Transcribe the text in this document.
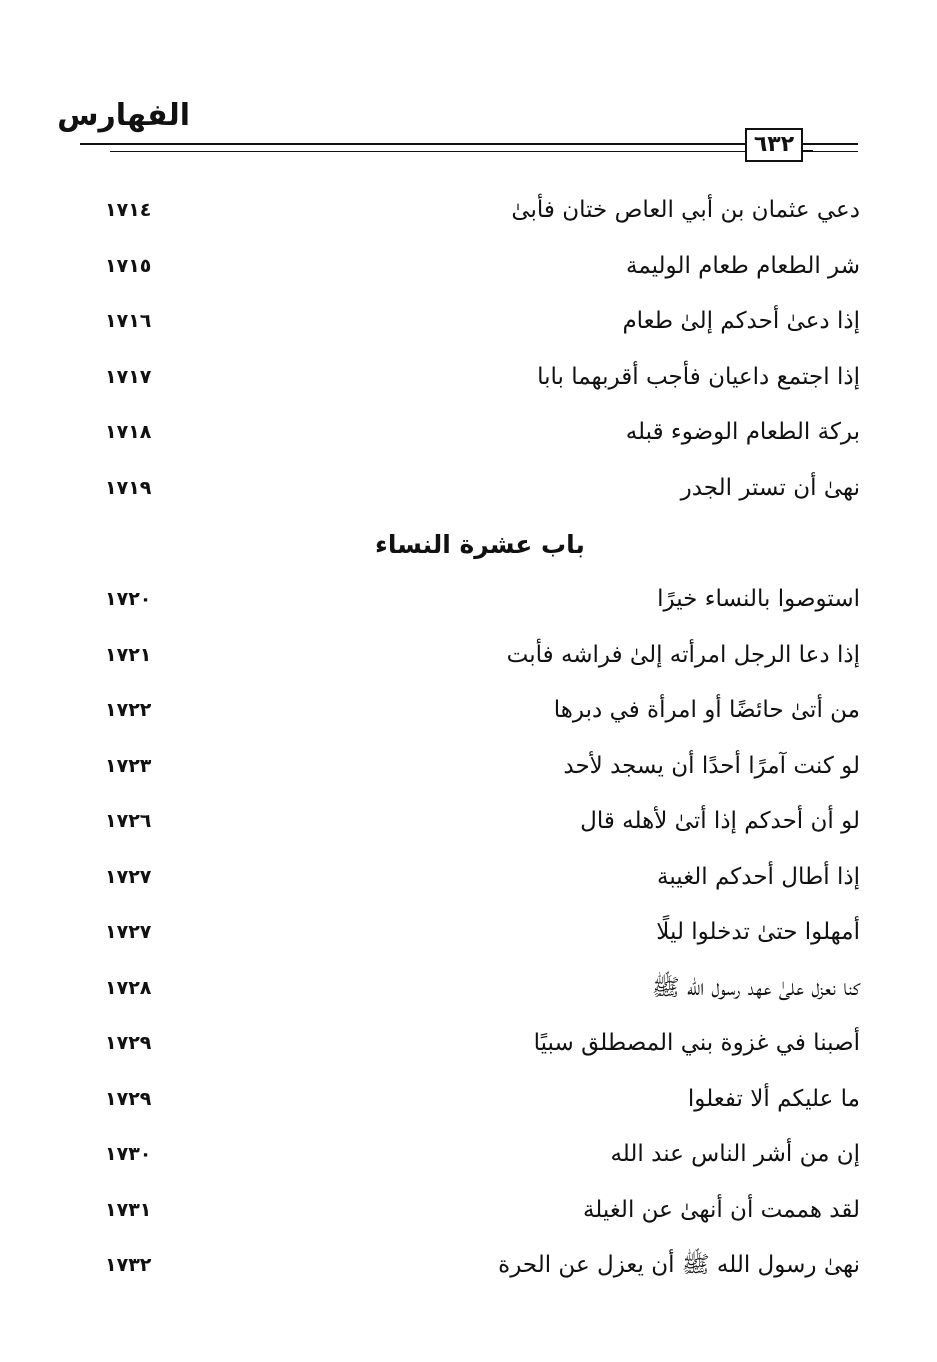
الفهارس
٦٣٢
دعي عثمان بن أبي العاص ختان فأبىٰ
١٧١٤
شر الطعام طعام الوليمة
١٧١٥
إذا دعىٰ أحدكم إلىٰ طعام
١٧١٦
إذا اجتمع داعيان فأجب أقربهما بابا
١٧١٧
بركة الطعام الوضوء قبله
١٧١٨
نهىٰ أن تستر الجدر
١٧١٩
باب عشرة النساء
استوصوا بالنساء خيرًا
١٧٢٠
إذا دعا الرجل امرأته إلىٰ فراشه فأبت
١٧٢١
من أتىٰ حائضًا أو امرأة في دبرها
١٧٢٢
لو كنت آمرًا أحدًا أن يسجد لأحد
١٧٢٣
لو أن أحدكم إذا أتىٰ لأهله قال
١٧٢٦
إذا أطال أحدكم الغيبة
١٧٢٧
أمهلوا حتىٰ تدخلوا ليلًا
١٧٢٧
كنا نعزل علىٰ عهد رسول الله ﷺ
١٧٢٨
أصبنا في غزوة بني المصطلق سبيًا
١٧٢٩
ما عليكم ألا تفعلوا
١٧٢٩
إن من أشر الناس عند الله
١٧٣٠
لقد هممت أن أنهىٰ عن الغيلة
١٧٣١
نهىٰ رسول الله ﷺ أن يعزل عن الحرة
١٧٣٢
